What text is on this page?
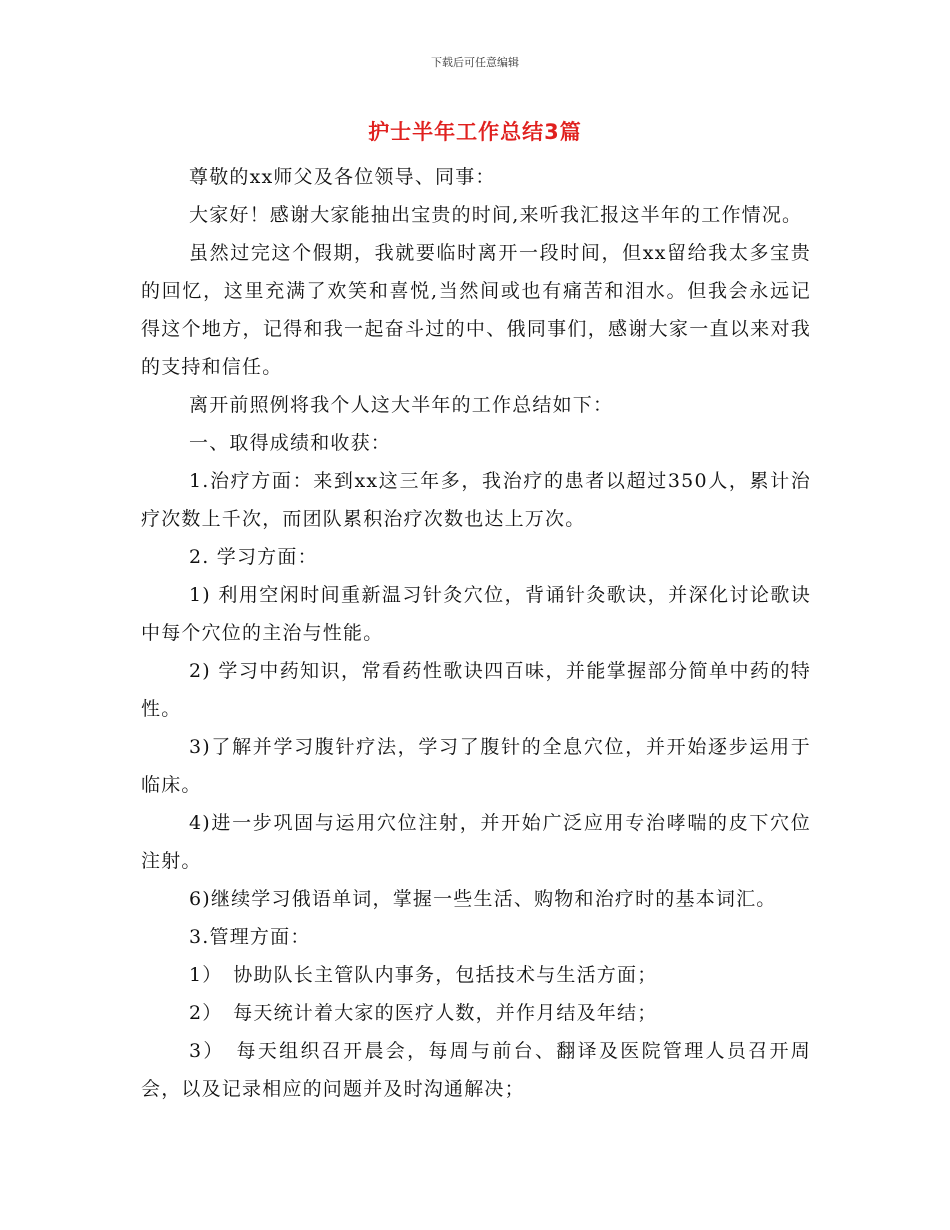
下载后可任意编辑
护士半年工作总结3篇

尊敬的xx师父及各位领导、同事：

大家好！感谢大家能抽出宝贵的时间,来听我汇报这半年的工作情况。

虽然过完这个假期，我就要临时离开一段时间，但xx留给我太多宝贵的回忆，这里充满了欢笑和喜悦,当然间或也有痛苦和泪水。但我会永远记得这个地方，记得和我一起奋斗过的中、俄同事们，感谢大家一直以来对我的支持和信任。

离开前照例将我个人这大半年的工作总结如下：

一、取得成绩和收获：

1.治疗方面：来到xx这三年多，我治疗的患者以超过350人，累计治疗次数上千次，而团队累积治疗次数也达上万次。

2. 学习方面：

1) 利用空闲时间重新温习针灸穴位，背诵针灸歌诀，并深化讨论歌诀中每个穴位的主治与性能。

2) 学习中药知识，常看药性歌诀四百味，并能掌握部分简单中药的特性。

3)了解并学习腹针疗法，学习了腹针的全息穴位，并开始逐步运用于临床。

4)进一步巩固与运用穴位注射，并开始广泛应用专治哮喘的皮下穴位注射。

6)继续学习俄语单词，掌握一些生活、购物和治疗时的基本词汇。

3.管理方面：

1）　协助队长主管队内事务，包括技术与生活方面；

2）　每天统计着大家的医疗人数，并作月结及年结；

3）　每天组织召开晨会，每周与前台、翻译及医院管理人员召开周会，以及记录相应的问题并及时沟通解决；
